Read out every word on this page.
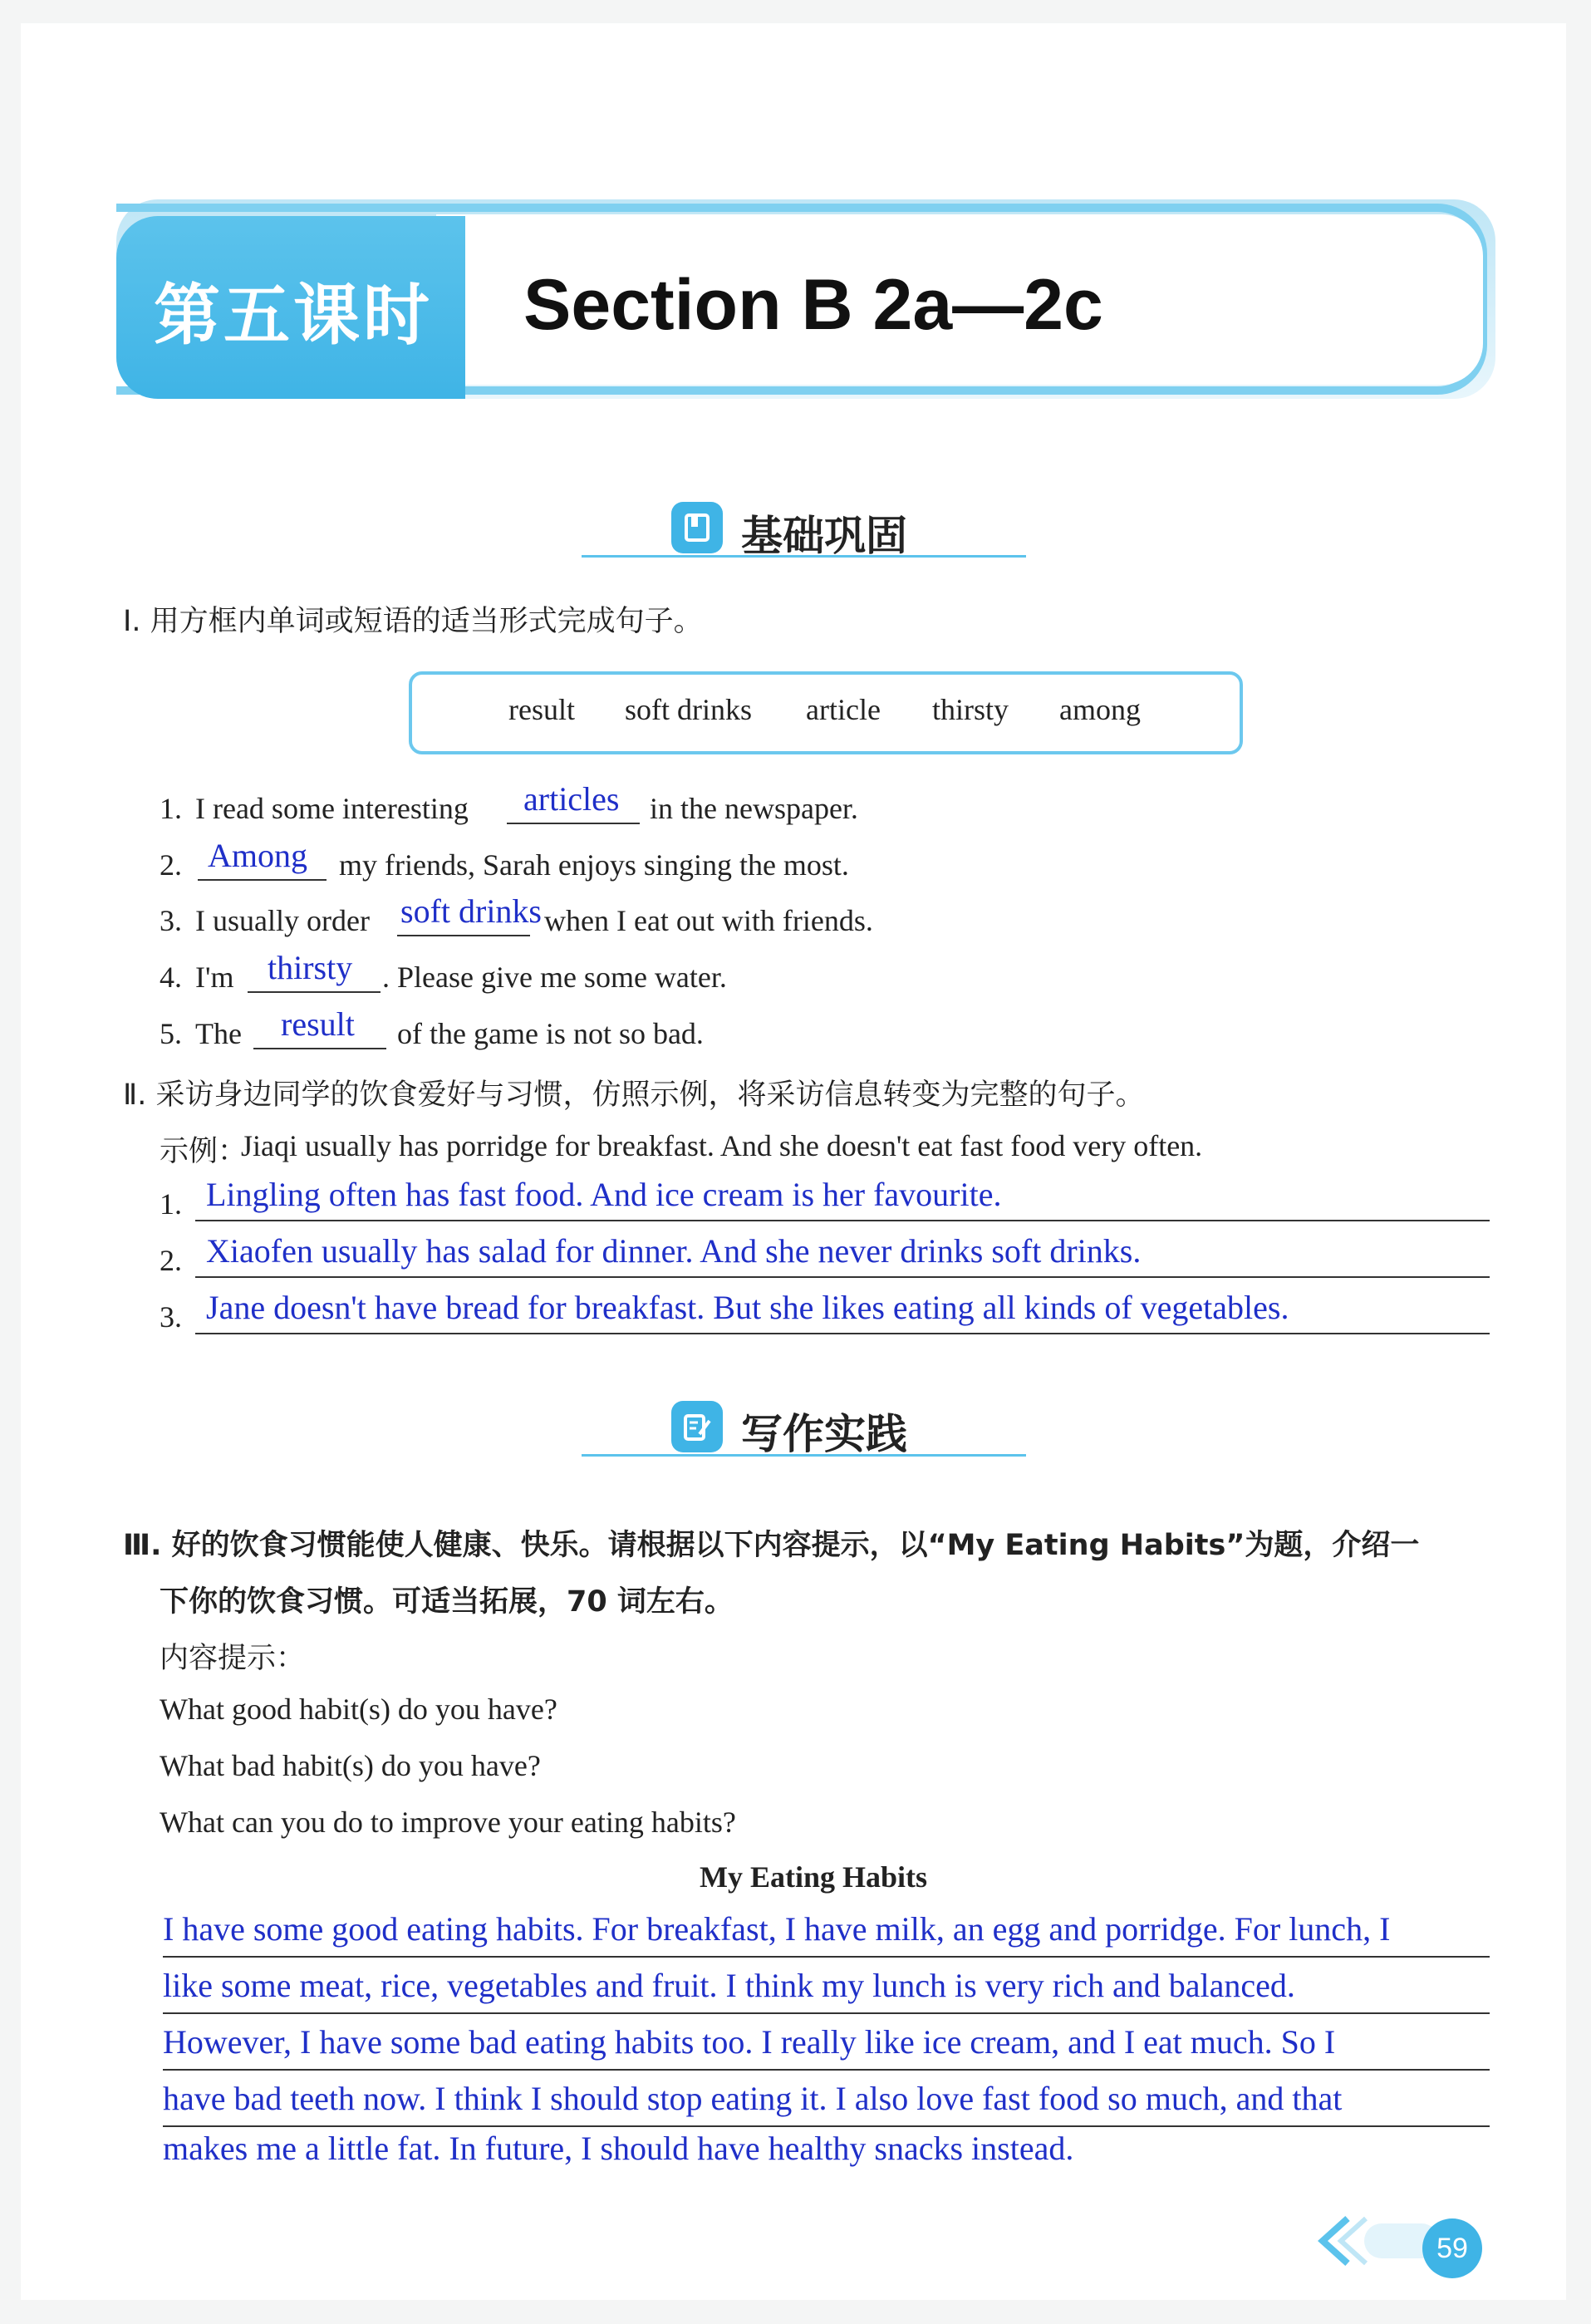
第五课时 Section B 2a—2c
基础巩固
Ⅰ. 用方框内单词或短语的适当形式完成句子。
result soft drinks article thirsty among
1. I read some interesting articles in the newspaper.
2. Among my friends, Sarah enjoys singing the most.
3. I usually order soft drinks when I eat out with friends.
4. I'm thirsty . Please give me some water.
5. The result of the game is not so bad.
Ⅱ. 采访身边同学的饮食爱好与习惯，仿照示例，将采访信息转变为完整的句子。
示例：
Jiaqi usually has porridge for breakfast. And she doesn't eat fast food very often.
1. Lingling often has fast food. And ice cream is her favourite.
2. Xiaofen usually has salad for dinner. And she never drinks soft drinks.
3. Jane doesn't have bread for breakfast. But she likes eating all kinds of vegetables.
写作实践
Ⅲ. 好的饮食习惯能使人健康、快乐。请根据以下内容提示，以“My Eating Habits”为题，介绍一
下你的饮食习惯。可适当拓展，70 词左右。
内容提示：
What good habit(s) do you have?
What bad habit(s) do you have?
What can you do to improve your eating habits?
My Eating Habits
I have some good eating habits. For breakfast, I have milk, an egg and porridge. For lunch, I
like some meat, rice, vegetables and fruit. I think my lunch is very rich and balanced.
However, I have some bad eating habits too. I really like ice cream, and I eat much. So I
have bad teeth now. I think I should stop eating it. I also love fast food so much, and that
makes me a little fat. In future, I should have healthy snacks instead.
59
